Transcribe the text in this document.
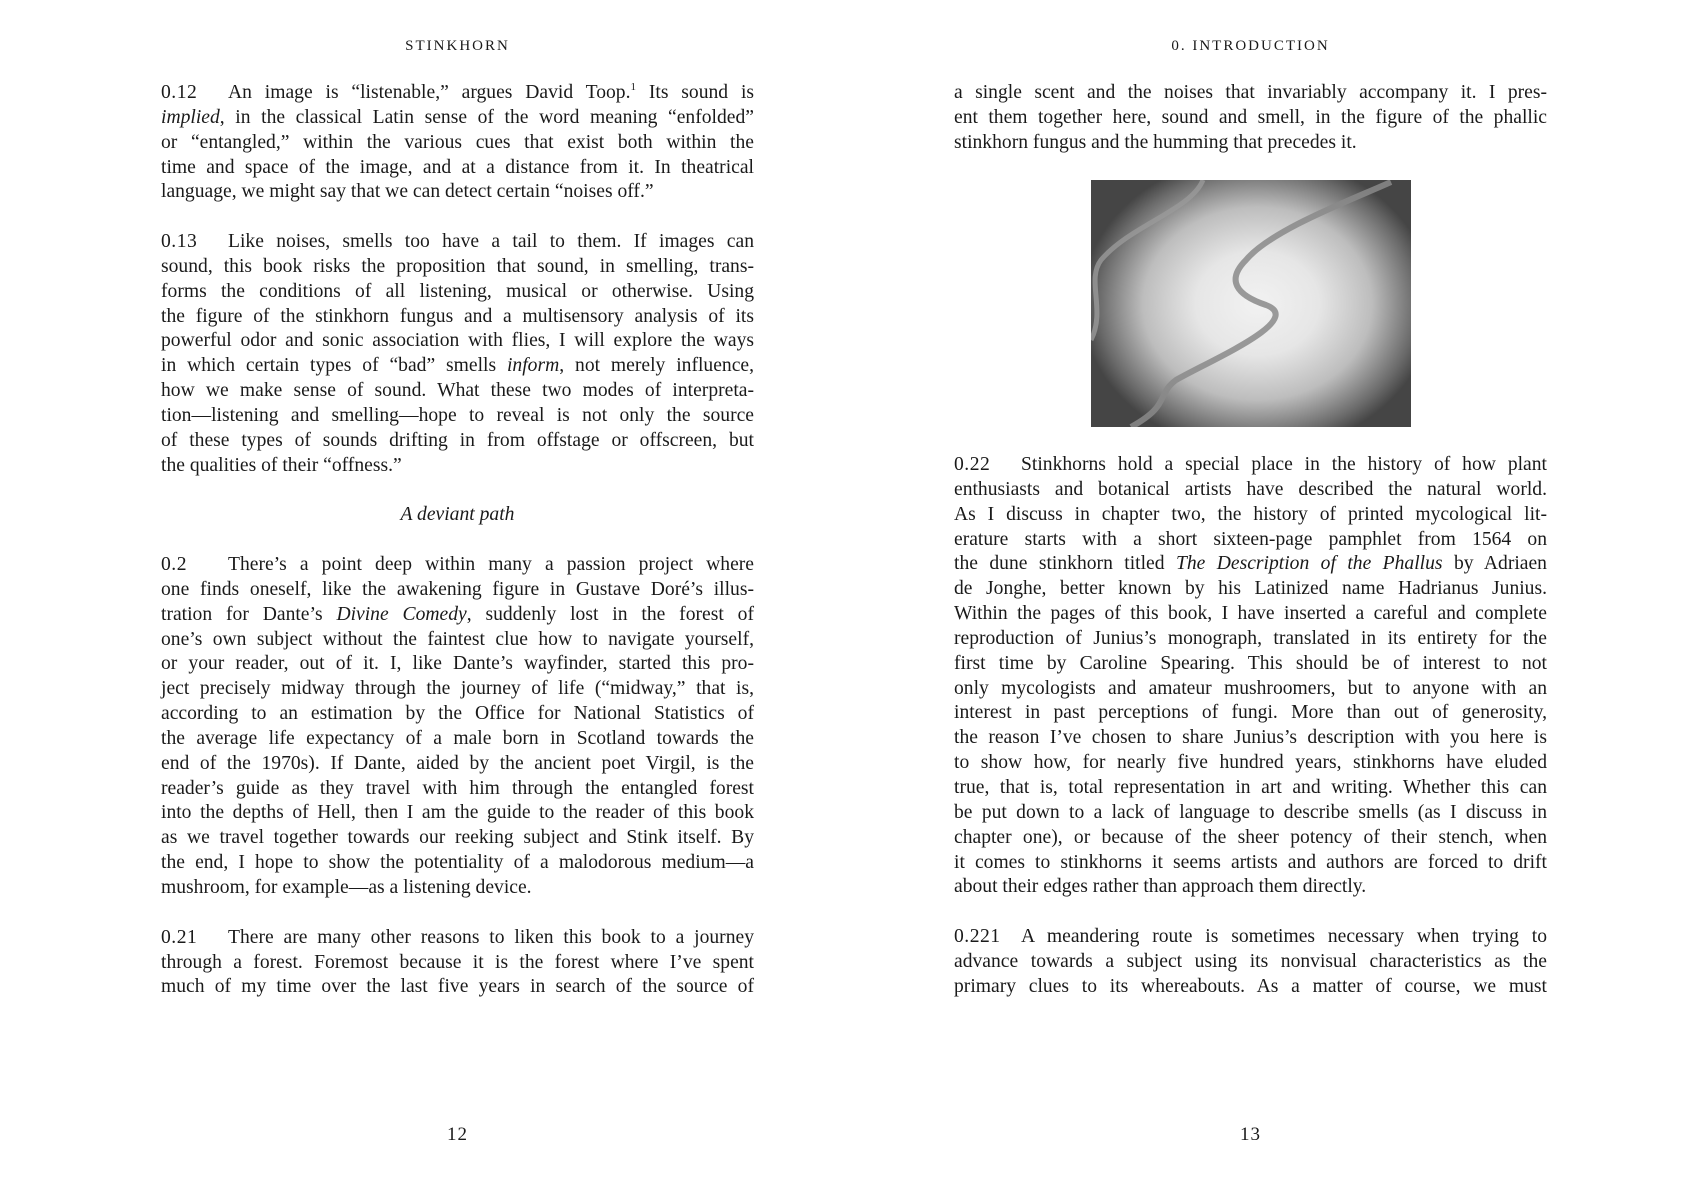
STINKHORN
0.12 An image is “listenable,” argues David Toop.$^1$ Its sound is
implied, in the classical Latin sense of the word meaning “enfolded”
or “entangled,” within the various cues that exist both within the
time and space of the image, and at a distance from it. In theatrical
language, we might say that we can detect certain “noises off.”
0.13 Like noises, smells too have a tail to them. If images can
sound, this book risks the proposition that sound, in smelling, trans-
forms the conditions of all listening, musical or otherwise. Using
the figure of the stinkhorn fungus and a multisensory analysis of its
powerful odor and sonic association with flies, I will explore the ways
in which certain types of “bad” smells inform, not merely influence,
how we make sense of sound. What these two modes of interpreta-
tion—listening and smelling—hope to reveal is not only the source
of these types of sounds drifting in from offstage or offscreen, but
the qualities of their “offness.”
A deviant path
0.2 There’s a point deep within many a passion project where
one finds oneself, like the awakening figure in Gustave Doré’s illus-
tration for Dante’s Divine Comedy, suddenly lost in the forest of
one’s own subject without the faintest clue how to navigate yourself,
or your reader, out of it. I, like Dante’s wayfinder, started this pro-
ject precisely midway through the journey of life (“midway,” that is,
according to an estimation by the Office for National Statistics of
the average life expectancy of a male born in Scotland towards the
end of the 1970s). If Dante, aided by the ancient poet Virgil, is the
reader’s guide as they travel with him through the entangled forest
into the depths of Hell, then I am the guide to the reader of this book
as we travel together towards our reeking subject and Stink itself. By
the end, I hope to show the potentiality of a malodorous medium—a
mushroom, for example—as a listening device.
0.21 There are many other reasons to liken this book to a journey
through a forest. Foremost because it is the forest where I’ve spent
much of my time over the last five years in search of the source of
12
0. INTRODUCTION
a single scent and the noises that invariably accompany it. I pres-
ent them together here, sound and smell, in the figure of the phallic
stinkhorn fungus and the humming that precedes it.
0.22 Stinkhorns hold a special place in the history of how plant
enthusiasts and botanical artists have described the natural world.
As I discuss in chapter two, the history of printed mycological lit-
erature starts with a short sixteen-page pamphlet from 1564 on
the dune stinkhorn titled The Description of the Phallus by Adriaen
de Jonghe, better known by his Latinized name Hadrianus Junius.
Within the pages of this book, I have inserted a careful and complete
reproduction of Junius’s monograph, translated in its entirety for the
first time by Caroline Spearing. This should be of interest to not
only mycologists and amateur mushroomers, but to anyone with an
interest in past perceptions of fungi. More than out of generosity,
the reason I’ve chosen to share Junius’s description with you here is
to show how, for nearly five hundred years, stinkhorns have eluded
true, that is, total representation in art and writing. Whether this can
be put down to a lack of language to describe smells (as I discuss in
chapter one), or because of the sheer potency of their stench, when
it comes to stinkhorns it seems artists and authors are forced to drift
about their edges rather than approach them directly.
0.221 A meandering route is sometimes necessary when trying to
advance towards a subject using its nonvisual characteristics as the
primary clues to its whereabouts. As a matter of course, we must
13
